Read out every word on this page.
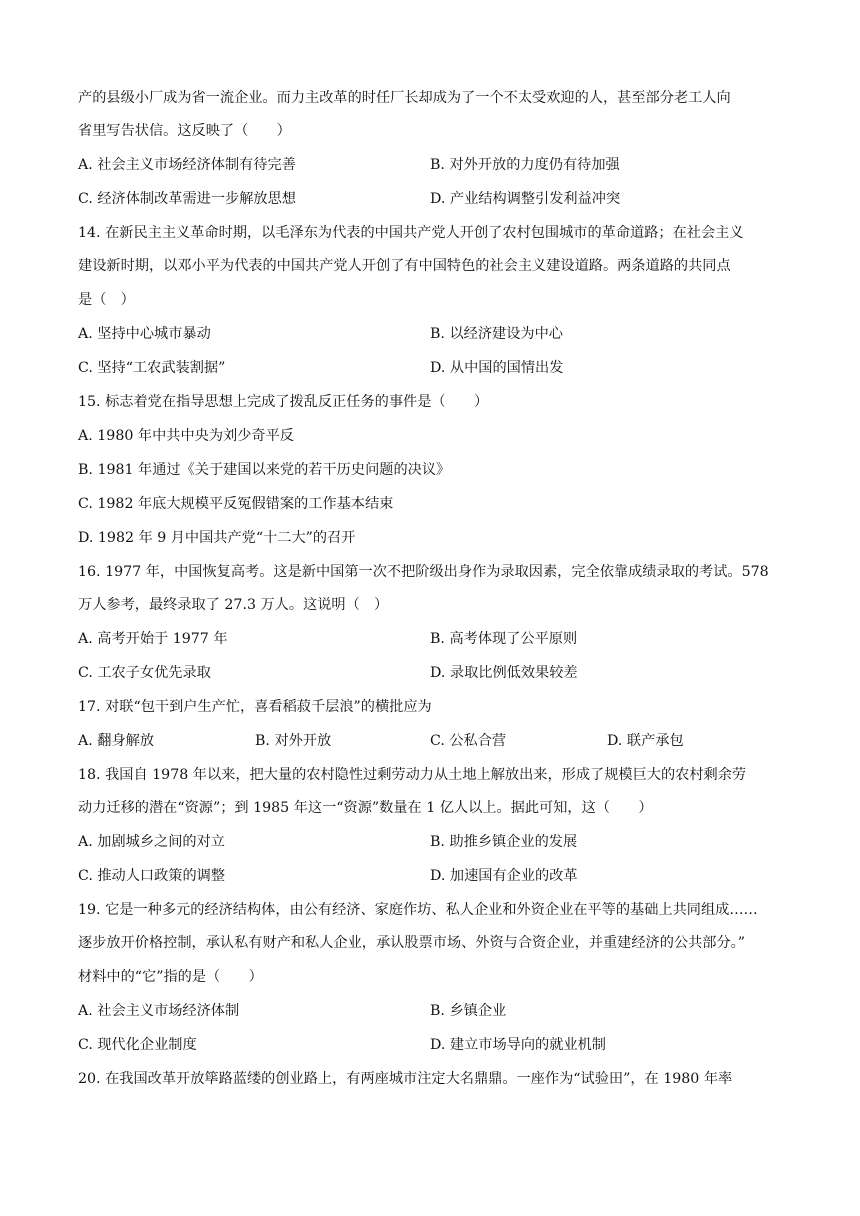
产的县级小厂成为省一流企业。而力主改革的时任厂长却成为了一个不太受欢迎的人，甚至部分老工人向
省里写告状信。这反映了（　　）
A. 社会主义市场经济体制有待完善	B. 对外开放的力度仍有待加强
C. 经济体制改革需进一步解放思想	D. 产业结构调整引发利益冲突
14. 在新民主主义革命时期，以毛泽东为代表的中国共产党人开创了农村包围城市的革命道路；在社会主义
建设新时期，以邓小平为代表的中国共产党人开创了有中国特色的社会主义建设道路。两条道路的共同点
是（　）
A. 坚持中心城市暴动	B. 以经济建设为中心
C. 坚持“工农武装割据”	D. 从中国的国情出发
15. 标志着党在指导思想上完成了拨乱反正任务的事件是（　　）
A. 1980 年中共中央为刘少奇平反
B. 1981 年通过《关于建国以来党的若干历史问题的决议》
C. 1982 年底大规模平反冤假错案的工作基本结束
D. 1982 年 9 月中国共产党“十二大”的召开
16. 1977 年，中国恢复高考。这是新中国第一次不把阶级出身作为录取因素，完全依靠成绩录取的考试。578
万人参考，最终录取了 27.3 万人。这说明（　）
A. 高考开始于 1977 年	B. 高考体现了公平原则
C. 工农子女优先录取	D. 录取比例低效果较差
17. 对联“包干到户生产忙，喜看稻菽千层浪”的横批应为
A. 翻身解放	B. 对外开放	C. 公私合营	D. 联产承包
18. 我国自 1978 年以来，把大量的农村隐性过剩劳动力从土地上解放出来，形成了规模巨大的农村剩余劳
动力迁移的潜在“资源”；到 1985 年这一“资源”数量在 1 亿人以上。据此可知，这（　　）
A. 加剧城乡之间的对立	B. 助推乡镇企业的发展
C. 推动人口政策的调整	D. 加速国有企业的改革
19. 它是一种多元的经济结构体，由公有经济、家庭作坊、私人企业和外资企业在平等的基础上共同组成……
逐步放开价格控制，承认私有财产和私人企业，承认股票市场、外资与合资企业，并重建经济的公共部分。”
材料中的“它”指的是（　　）
A. 社会主义市场经济体制	B. 乡镇企业
C. 现代化企业制度	D. 建立市场导向的就业机制
20. 在我国改革开放筚路蓝缕的创业路上，有两座城市注定大名鼎鼎。一座作为“试验田”，在 1980 年率
